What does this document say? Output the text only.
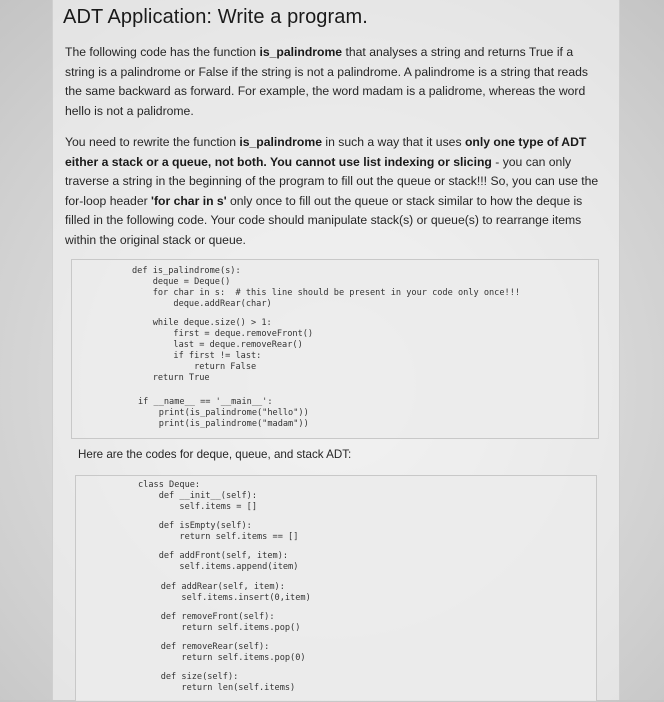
ADT Application: Write a program.
The following code has the function is_palindrome that analyses a string and returns True if a string is a palindrome or False if the string is not a palindrome. A palindrome is a string that reads the same backward as forward. For example, the word madam is a palidrome, whereas the word hello is not a palidrome.
You need to rewrite the function is_palindrome in such a way that it uses only one type of ADT either a stack or a queue, not both. You cannot use list indexing or slicing - you can only traverse a string in the beginning of the program to fill out the queue or stack!!! So, you can use the for-loop header 'for char in s' only once to fill out the queue or stack similar to how the deque is filled in the following code. Your code should manipulate stack(s) or queue(s) to rearrange items within the original stack or queue.

def is_palindrome(s):

deque = Deque()

for char in s:  # this line should be present in your code only once!!!

deque.addRear(char)

while deque.size() > 1:

first = deque.removeFront()

last = deque.removeRear()

if first != last:

return False

return True

if __name__ == '__main__':

print(is_palindrome("hello"))

print(is_palindrome("madam"))

Here are the codes for deque, queue, and stack ADT:

class Deque:

def __init__(self):

self.items = []

def isEmpty(self):

return self.items == []

def addFront(self, item):

self.items.append(item)

def addRear(self, item):

self.items.insert(0,item)

def removeFront(self):

return self.items.pop()

def removeRear(self):

return self.items.pop(0)

def size(self):

return len(self.items)
